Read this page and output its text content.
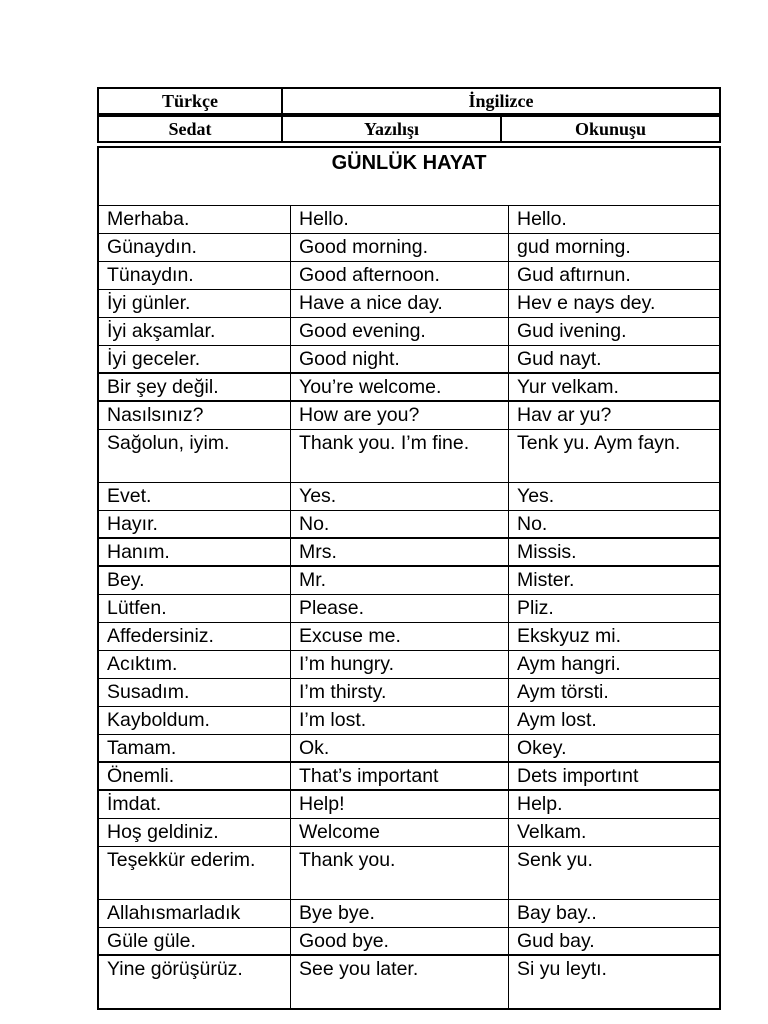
Türkçe	İngilizce
Sedat	Yazılışı	Okunuşu
GÜNLÜK HAYAT
Merhaba.	Hello.	Hello.
Günaydın.	Good morning.	gud morning.
Tünaydın.	Good afternoon.	Gud aftırnun.
İyi günler.	Have a nice day.	Hev e nays dey.
İyi akşamlar.	Good evening.	Gud ivening.
İyi geceler.	Good night.	Gud nayt.
Bir şey değil.	You’re welcome.	Yur velkam.
Nasılsınız?	How are you?	Hav ar yu?
Sağolun, iyim.	Thank you. I’m fine.	Tenk yu. Aym fayn.
Evet.	Yes.	Yes.
Hayır.	No.	No.
Hanım.	Mrs.	Missis.
Bey.	Mr.	Mister.
Lütfen.	Please.	Pliz.
Affedersiniz.	Excuse me.	Ekskyuz mi.
Acıktım.	I’m hungry.	Aym hangri.
Susadım.	I’m thirsty.	Aym törsti.
Kayboldum.	I’m lost.	Aym lost.
Tamam.	Ok.	Okey.
Önemli.	That’s important	Dets importınt
İmdat.	Help!	Help.
Hoş geldiniz.	Welcome	Velkam.
Teşekkür ederim.	Thank you.	Senk yu.
Allahısmarladık	Bye bye.	Bay bay..
Güle güle.	Good bye.	Gud bay.
Yine görüşürüz.	See you later.	Si yu leytı.
